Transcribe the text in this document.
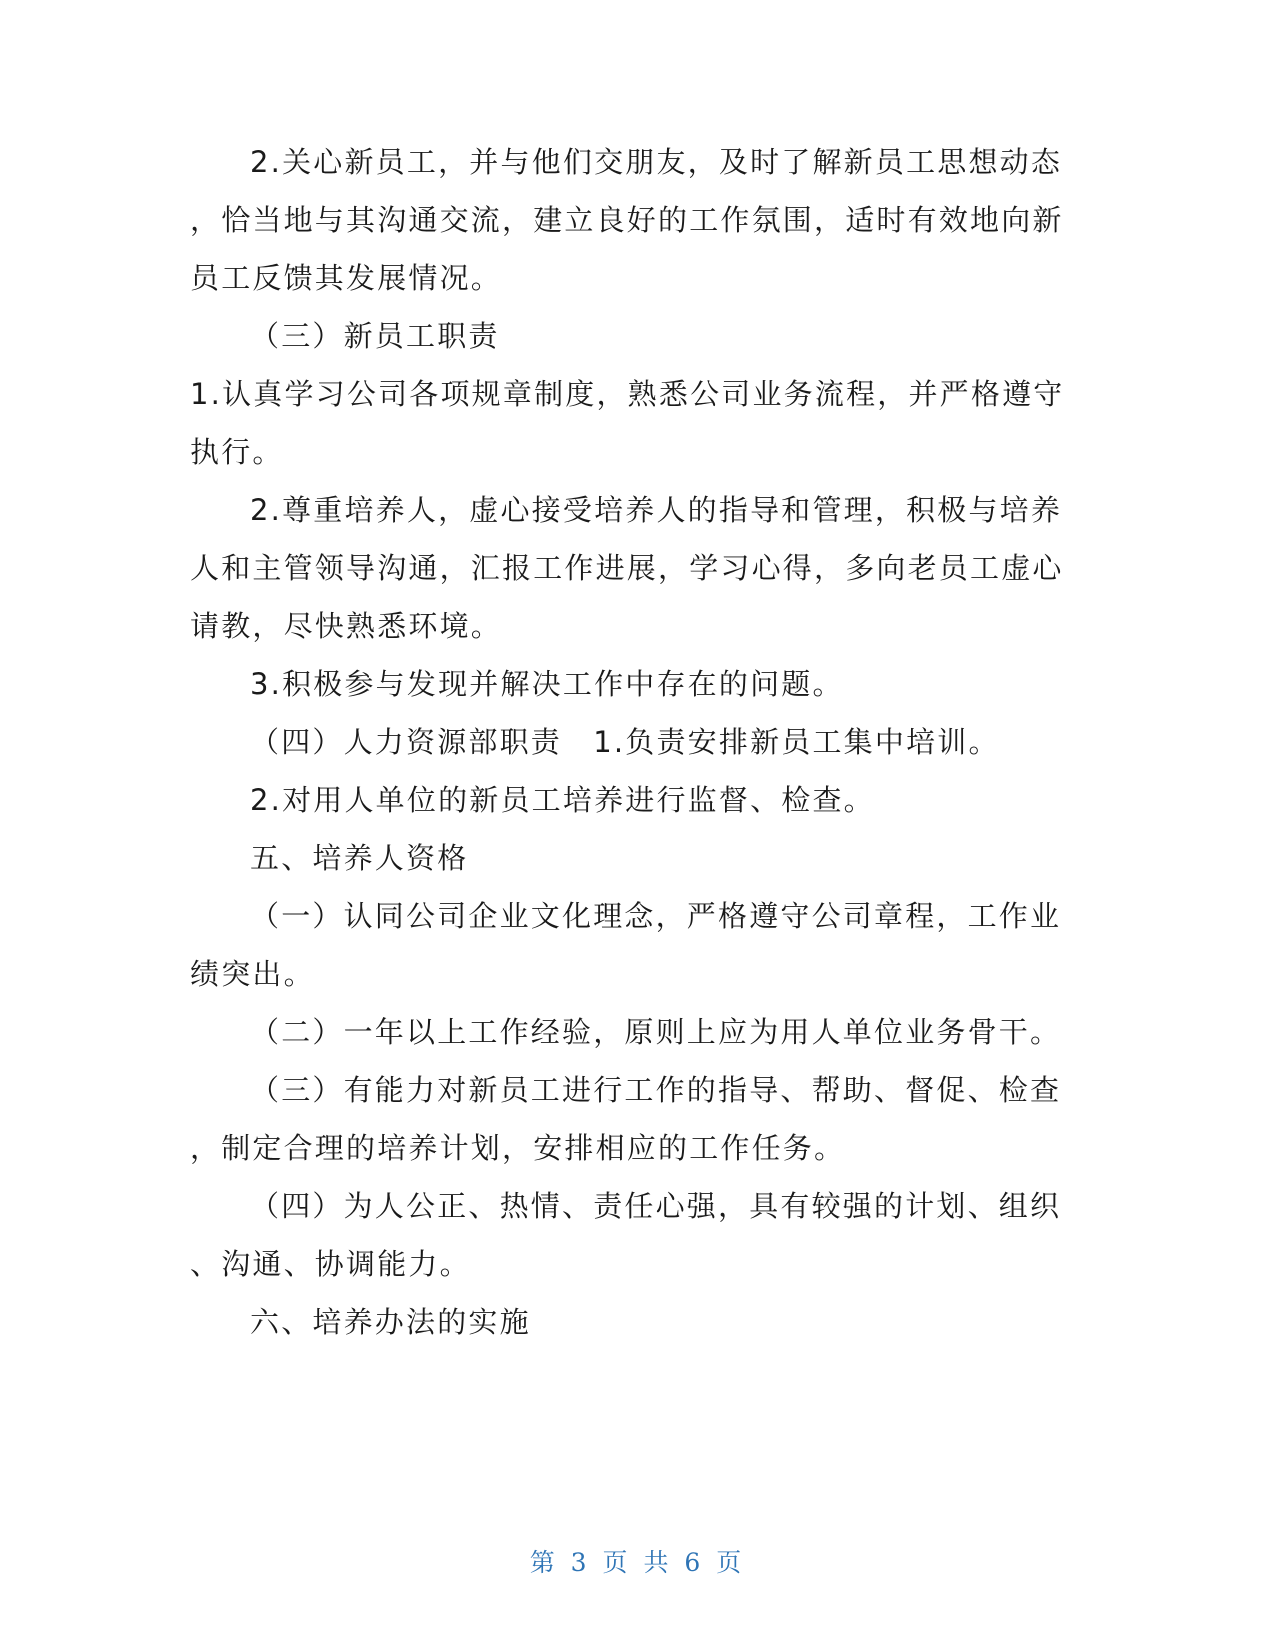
2.关心新员工，并与他们交朋友，及时了解新员工思想动态
，恰当地与其沟通交流，建立良好的工作氛围，适时有效地向新
员工反馈其发展情况。
（三）新员工职责
1.认真学习公司各项规章制度，熟悉公司业务流程，并严格遵守
执行。
2.尊重培养人，虚心接受培养人的指导和管理，积极与培养
人和主管领导沟通，汇报工作进展，学习心得，多向老员工虚心
请教，尽快熟悉环境。
3.积极参与发现并解决工作中存在的问题。
（四）人力资源部职责　1.负责安排新员工集中培训。
2.对用人单位的新员工培养进行监督、检查。
五、培养人资格
（一）认同公司企业文化理念，严格遵守公司章程，工作业
绩突出。
（二）一年以上工作经验，原则上应为用人单位业务骨干。
（三）有能力对新员工进行工作的指导、帮助、督促、检查
，制定合理的培养计划，安排相应的工作任务。
（四）为人公正、热情、责任心强，具有较强的计划、组织
、沟通、协调能力。
六、培养办法的实施
第 3 页 共 6 页
